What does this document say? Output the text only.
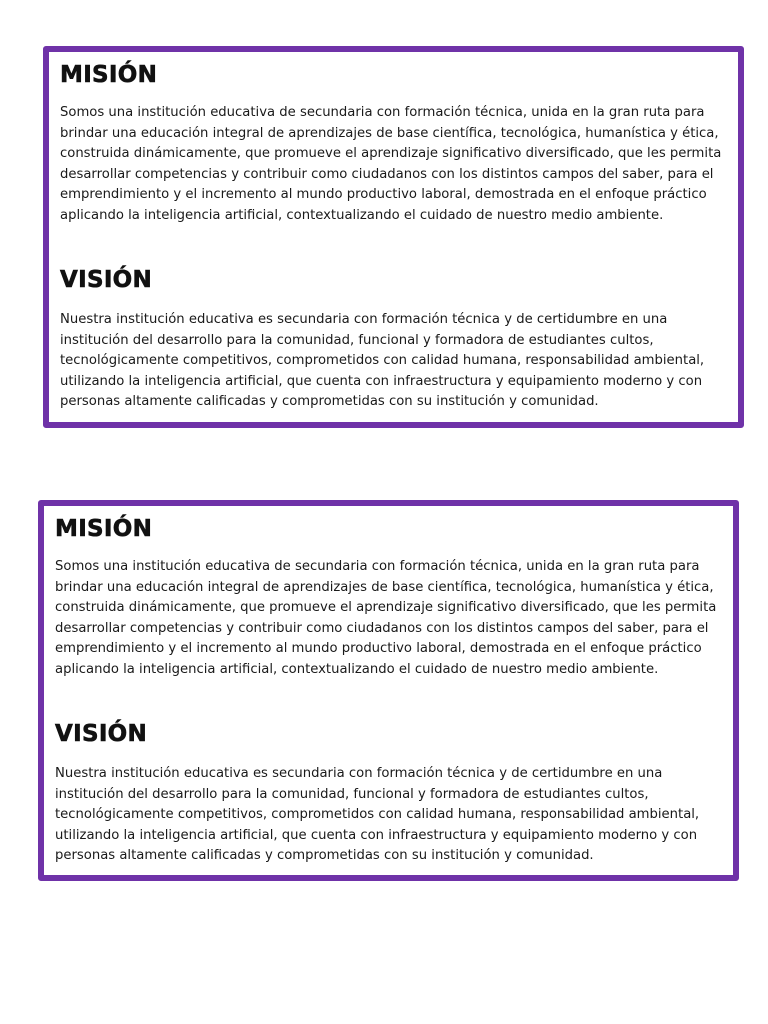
MISIÓN

Somos una institución educativa de secundaria con formación técnica, unida en la gran ruta para
brindar una educación integral de aprendizajes de base científica, tecnológica, humanística y ética,
construida dinámicamente, que promueve el aprendizaje significativo diversificado, que les permita
desarrollar competencias y contribuir como ciudadanos con los distintos campos del saber, para el
emprendimiento y el incremento al mundo productivo laboral, demostrada en el enfoque práctico
aplicando la inteligencia artificial, contextualizando el cuidado de nuestro medio ambiente.

VISIÓN

Nuestra institución educativa es secundaria con formación técnica y de certidumbre en una
institución del desarrollo para la comunidad, funcional y formadora de estudiantes cultos,
tecnológicamente competitivos, comprometidos con calidad humana, responsabilidad ambiental,
utilizando la inteligencia artificial, que cuenta con infraestructura y equipamiento moderno y con
personas altamente calificadas y comprometidas con su institución y comunidad.

MISIÓN

Somos una institución educativa de secundaria con formación técnica, unida en la gran ruta para
brindar una educación integral de aprendizajes de base científica, tecnológica, humanística y ética,
construida dinámicamente, que promueve el aprendizaje significativo diversificado, que les permita
desarrollar competencias y contribuir como ciudadanos con los distintos campos del saber, para el
emprendimiento y el incremento al mundo productivo laboral, demostrada en el enfoque práctico
aplicando la inteligencia artificial, contextualizando el cuidado de nuestro medio ambiente.

VISIÓN

Nuestra institución educativa es secundaria con formación técnica y de certidumbre en una
institución del desarrollo para la comunidad, funcional y formadora de estudiantes cultos,
tecnológicamente competitivos, comprometidos con calidad humana, responsabilidad ambiental,
utilizando la inteligencia artificial, que cuenta con infraestructura y equipamiento moderno y con
personas altamente calificadas y comprometidas con su institución y comunidad.
